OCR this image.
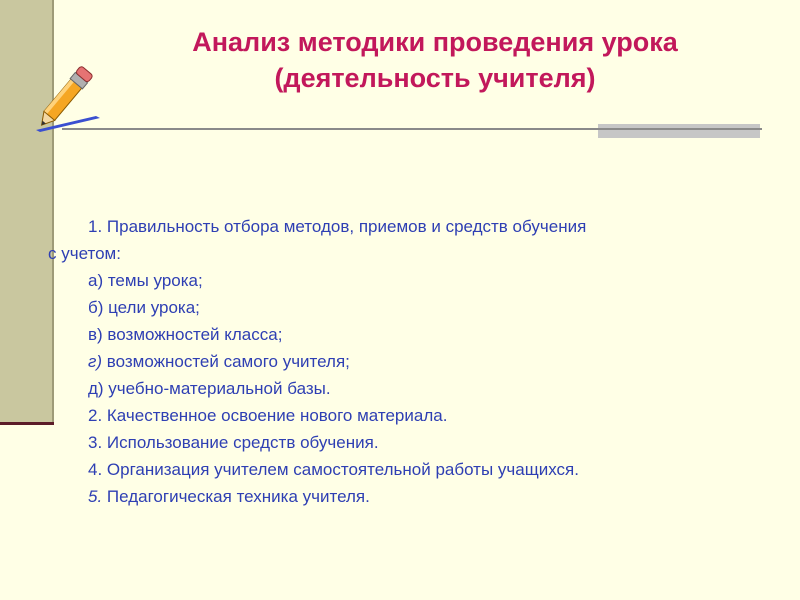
Анализ методики проведения урока
(деятельность учителя)
1. Правильность отбора методов, приемов и средств обучения
с учетом:
а) темы урока;
б) цели урока;
в) возможностей класса;
г) возможностей самого учителя;
д) учебно-материальной базы.
2. Качественное освоение нового материала.
3. Использование средств обучения.
4. Организация учителем самостоятельной работы учащихся.
5. Педагогическая техника учителя.
